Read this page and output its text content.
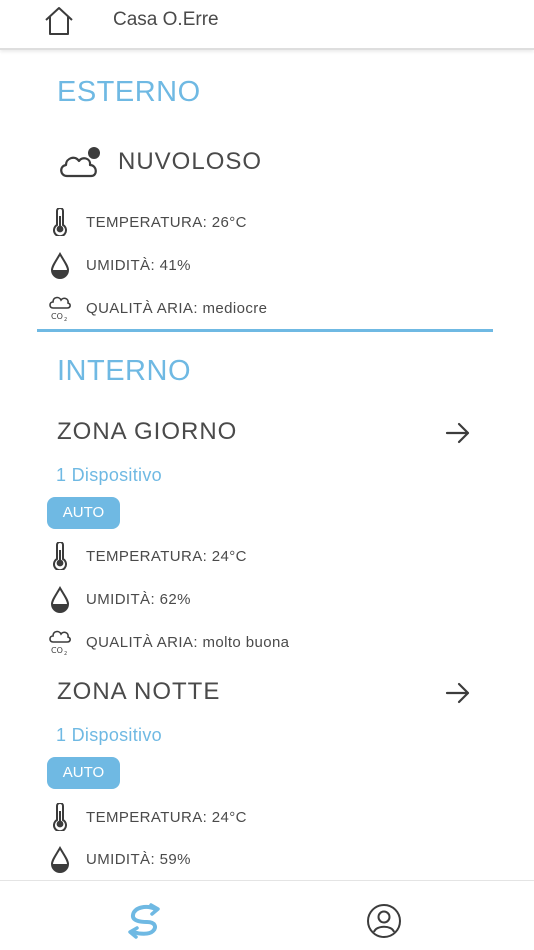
Casa O.Erre
ESTERNO
NUVOLOSO
TEMPERATURA: 26°C
UMIDITÀ: 41%
CO 2
QUALITÀ ARIA: mediocre
INTERNO
ZONA GIORNO
1 Dispositivo
AUTO
TEMPERATURA: 24°C
UMIDITÀ: 62%
CO 2
QUALITÀ ARIA: molto buona
ZONA NOTTE
1 Dispositivo
AUTO
TEMPERATURA: 24°C
UMIDITÀ: 59%
